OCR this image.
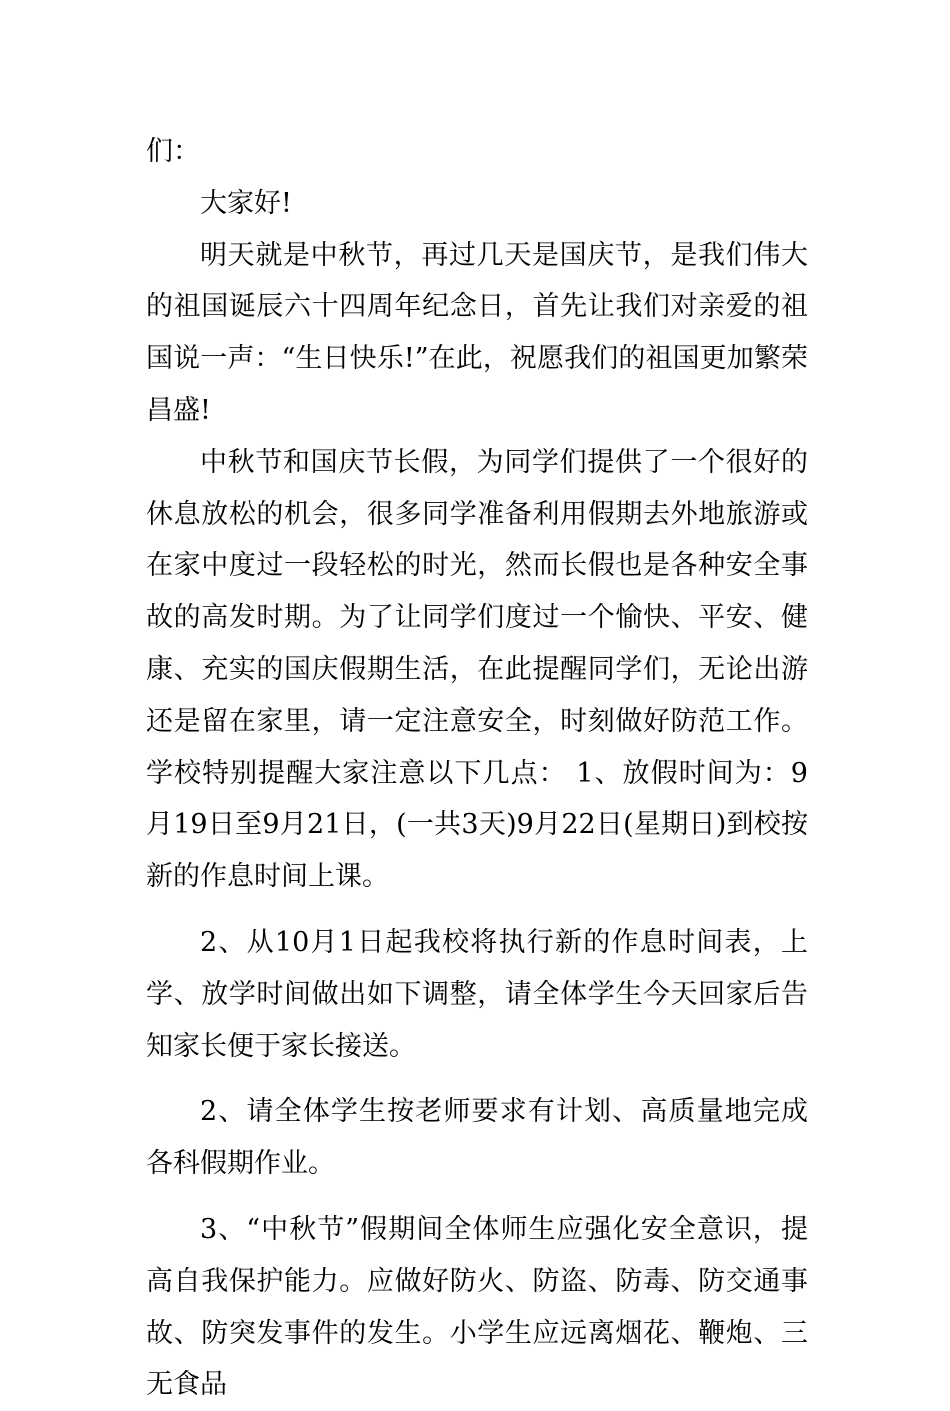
们：

大家好!

明天就是中秋节，再过几天是国庆节，是我们伟大的祖国诞辰六十四周年纪念日，首先让我们对亲爱的祖国说一声：“生日快乐!”在此，祝愿我们的祖国更加繁荣昌盛!

中秋节和国庆节长假，为同学们提供了一个很好的休息放松的机会，很多同学准备利用假期去外地旅游或在家中度过一段轻松的时光，然而长假也是各种安全事故的高发时期。为了让同学们度过一个愉快、平安、健康、充实的国庆假期生活，在此提醒同学们，无论出游还是留在家里，请一定注意安全，时刻做好防范工作。学校特别提醒大家注意以下几点： 1、放假时间为：9月19日至9月21日，(一共3天)9月22日(星期日)到校按新的作息时间上课。

2、从10月1日起我校将执行新的作息时间表，上学、放学时间做出如下调整，请全体学生今天回家后告知家长便于家长接送。

2、请全体学生按老师要求有计划、高质量地完成各科假期作业。

3、“中秋节”假期间全体师生应强化安全意识，提高自我保护能力。应做好防火、防盗、防毒、防交通事故、防突发事件的发生。小学生应远离烟花、鞭炮、三无食品
